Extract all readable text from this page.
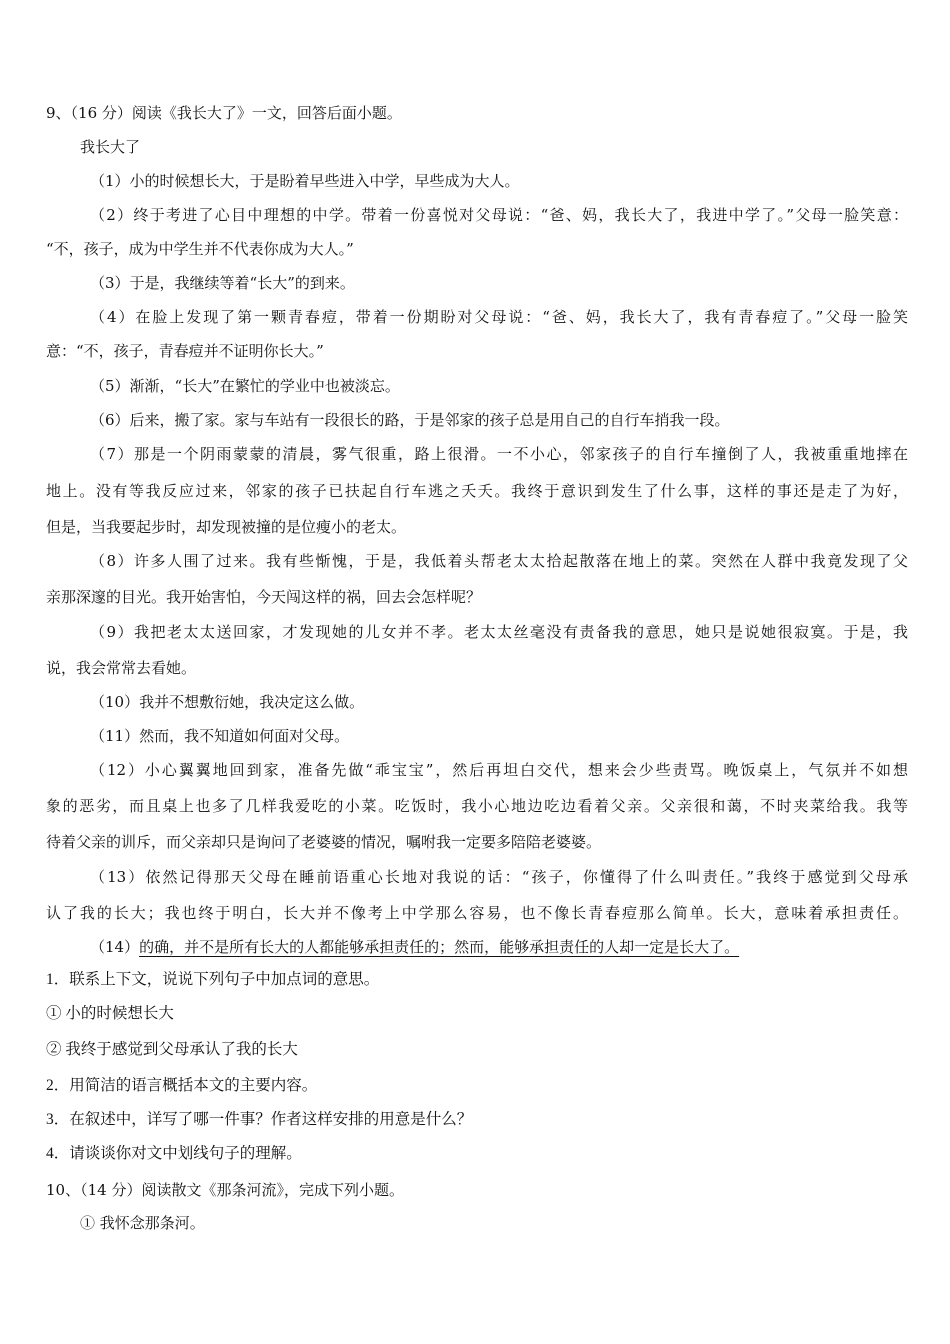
9、（16 分）阅读《我长大了》一文，回答后面小题。
我长大了
（1）小的时候想长大，于是盼着早些进入中学，早些成为大人。
（2）终于考进了心目中理想的中学。带着一份喜悦对父母说：“爸、妈，我长大了，我进中学了。”父母一脸笑意：
“不，孩子，成为中学生并不代表你成为大人。”
（3）于是，我继续等着“长大”的到来。
（4）在脸上发现了第一颗青春痘，带着一份期盼对父母说：“爸、妈，我长大了，我有青春痘了。”父母一脸笑
意：“不，孩子，青春痘并不证明你长大。”
（5）渐渐，“长大”在繁忙的学业中也被淡忘。
（6）后来，搬了家。家与车站有一段很长的路，于是邻家的孩子总是用自己的自行车捎我一段。
（7）那是一个阴雨蒙蒙的清晨，雾气很重，路上很滑。一不小心，邻家孩子的自行车撞倒了人，我被重重地摔在
地上。没有等我反应过来，邻家的孩子已扶起自行车逃之夭夭。我终于意识到发生了什么事，这样的事还是走了为好，
但是，当我要起步时，却发现被撞的是位瘦小的老太。
（8）许多人围了过来。我有些惭愧，于是，我低着头帮老太太拾起散落在地上的菜。突然在人群中我竟发现了父
亲那深邃的目光。我开始害怕，今天闯这样的祸，回去会怎样呢？
（9）我把老太太送回家，才发现她的儿女并不孝。老太太丝毫没有责备我的意思，她只是说她很寂寞。于是，我
说，我会常常去看她。
（10）我并不想敷衍她，我决定这么做。
（11）然而，我不知道如何面对父母。
（12）小心翼翼地回到家，准备先做“乖宝宝”，然后再坦白交代，想来会少些责骂。晚饭桌上，气氛并不如想
象的恶劣，而且桌上也多了几样我爱吃的小菜。吃饭时，我小心地边吃边看着父亲。父亲很和蔼，不时夹菜给我。我等
待着父亲的训斥，而父亲却只是询问了老婆婆的情况，嘱咐我一定要多陪陪老婆婆。
（13）依然记得那天父母在睡前语重心长地对我说的话：“孩子，你懂得了什么叫责任。”我终于感觉到父母承
认了我的长大；我也终于明白，长大并不像考上中学那么容易，也不像长青春痘那么简单。长大，意味着承担责任。
（14）的确，并不是所有长大的人都能够承担责任的；然而，能够承担责任的人却一定是长大了。
1．联系上下文，说说下列句子中加点词的意思。
① 小的时候想长大
② 我终于感觉到父母承认了我的长大
2．用简洁的语言概括本文的主要内容。
3．在叙述中，详写了哪一件事？作者这样安排的用意是什么？
4．请谈谈你对文中划线句子的理解。
10、（14 分）阅读散文《那条河流》，完成下列小题。
① 我怀念那条河。
